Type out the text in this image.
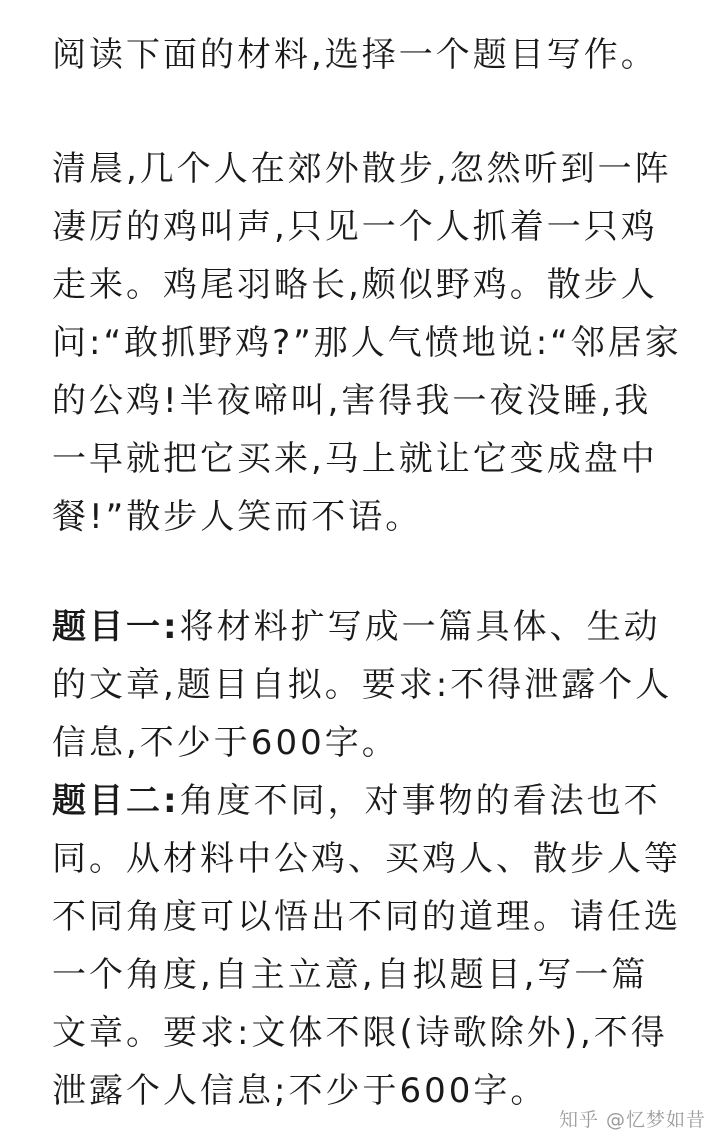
阅读下面的材料,选择一个题目写作。

清晨,几个人在郊外散步,忽然听到一阵凄厉的鸡叫声,只见一个人抓着一只鸡走来。鸡尾羽略长,颇似野鸡。散步人问:“敢抓野鸡?”那人气愤地说:“邻居家的公鸡!半夜啼叫,害得我一夜没睡,我一早就把它买来,马上就让它变成盘中餐!”散步人笑而不语。

题目一:将材料扩写成一篇具体、生动的文章,题目自拟。要求:不得泄露个人信息,不少于600字。

题目二:角度不同，对事物的看法也不同。从材料中公鸡、买鸡人、散步人等不同角度可以悟出不同的道理。请任选一个角度,自主立意,自拟题目,写一篇文章。要求:文体不限(诗歌除外),不得泄露个人信息;不少于600字。

知乎 @忆梦如昔
